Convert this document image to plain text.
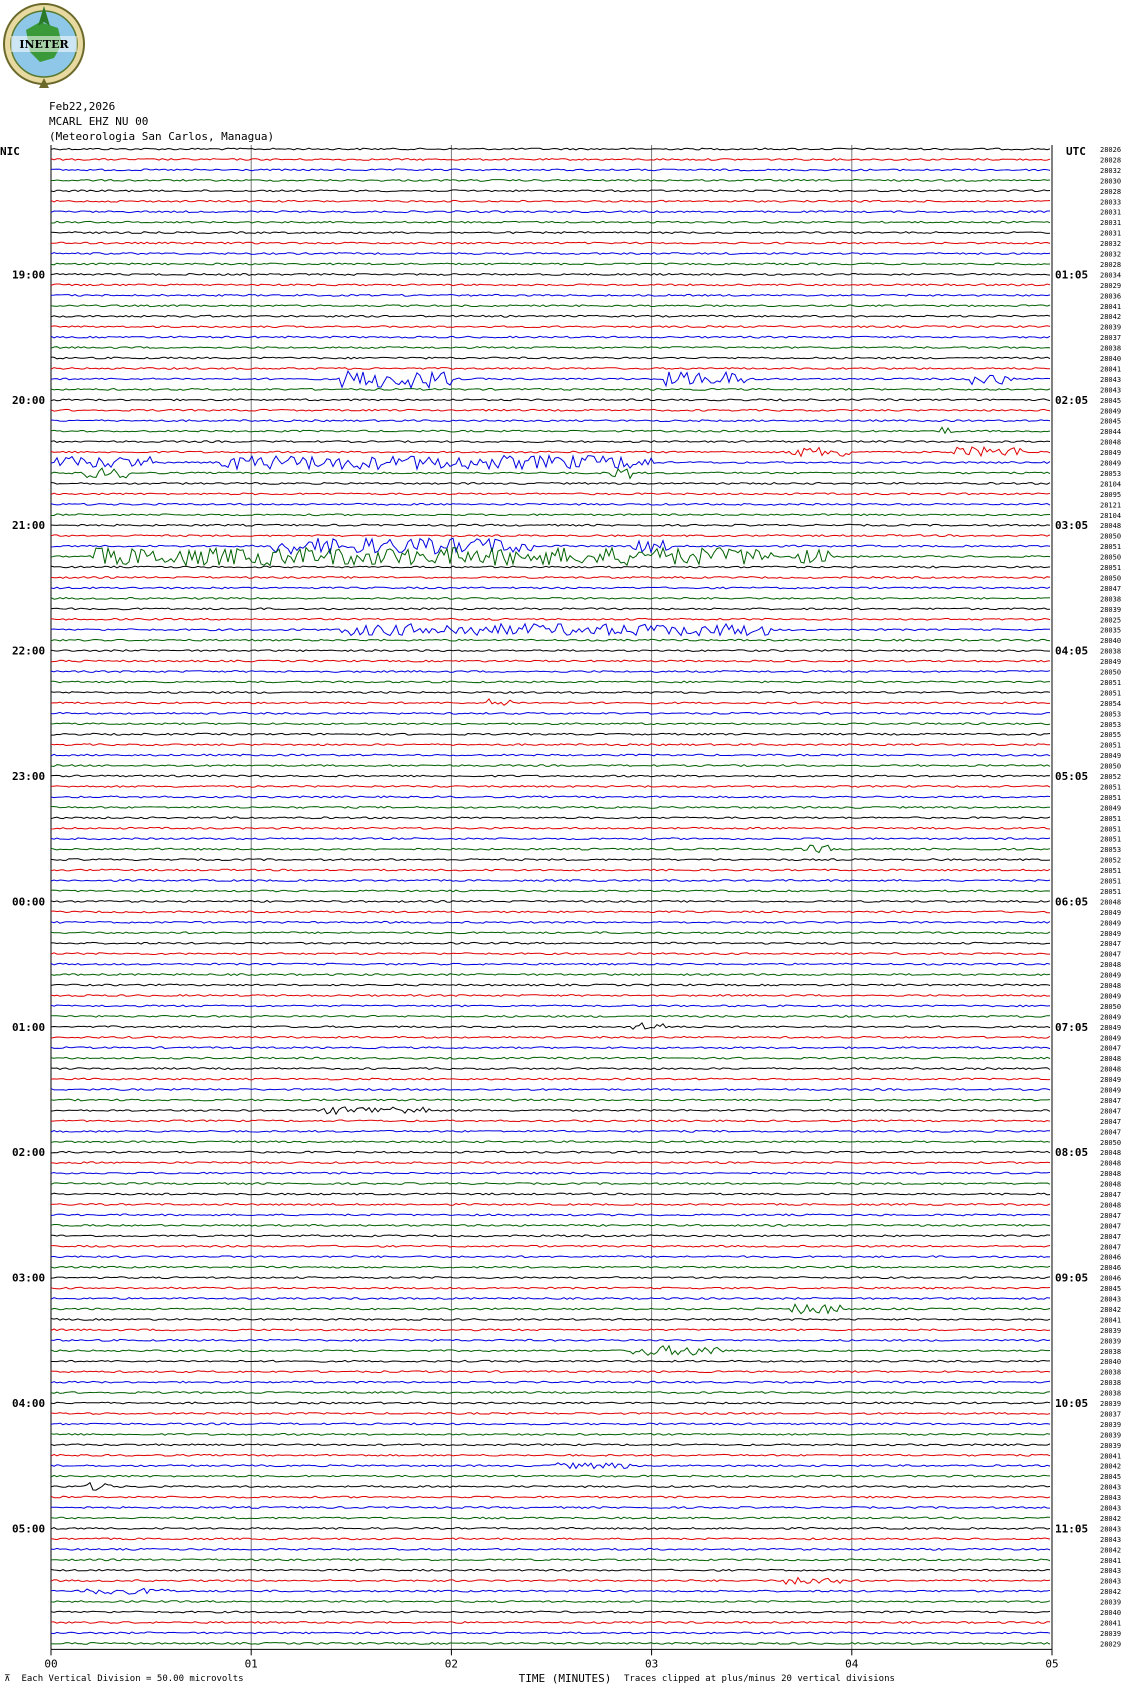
INETER
Feb22,2026
MCARL EHZ NU 00
(Meteorologia San Carlos, Managua)
NIC	UTC
00	01	02	03	04	05
19:00
20:00
21:00
22:00
23:00
00:00
01:00
02:00
03:00
04:00
05:00
01:05
02:05
03:05
04:05
05:05
06:05
07:05
08:05
09:05
10:05
11:05
28026
28028
28032
28030
28028
28033
28031
28031
28031
28032
28032
28028
28034
28029
28036
28041
28042
28039
28037
28038
28040
28041
28043
28043
28045
28049
28045
28044
28048
28049
28049
28053
28104
28095
28121
28104
28048
28050
28051
28050
28051
28050
28047
28038
28039
28025
28035
28040
28038
28049
28050
28051
28051
28054
28053
28053
28055
28051
28049
28050
28052
28051
28051
28049
28051
28051
28051
28053
28052
28051
28051
28051
28048
28049
28049
28049
28047
28047
28048
28049
28048
28049
28050
28049
28049
28049
28047
28048
28048
28049
28049
28047
28047
28047
28047
28050
28048
28048
28048
28048
28047
28048
28047
28047
28047
28047
28046
28046
28046
28045
28043
28042
28041
28039
28039
28038
28040
28038
28038
28038
28039
28037
28039
28039
28039
28041
28042
28045
28043
28043
28043
28042
28043
28043
28042
28041
28043
28043
28042
28039
28040
28041
28039
28029
TIME (MINUTES)
⊼ Each Vertical Division = 50.00 microvolts	Traces clipped at plus/minus 20 vertical divisions
